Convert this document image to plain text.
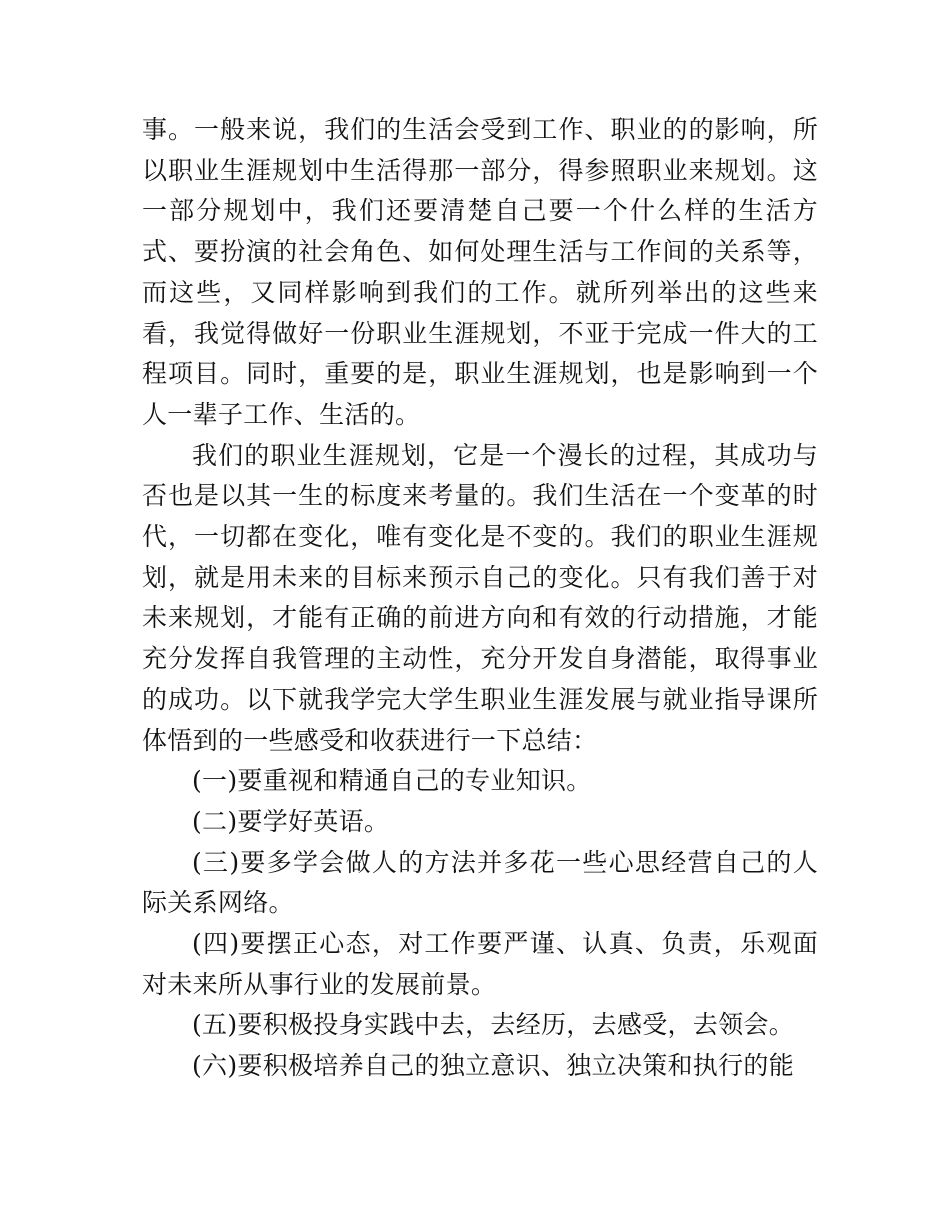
事。一般来说，我们的生活会受到工作、职业的的影响，所以职业生涯规划中生活得那一部分，得参照职业来规划。这一部分规划中，我们还要清楚自己要一个什么样的生活方式、要扮演的社会角色、如何处理生活与工作间的关系等，而这些，又同样影响到我们的工作。就所列举出的这些来看，我觉得做好一份职业生涯规划，不亚于完成一件大的工程项目。同时，重要的是，职业生涯规划，也是影响到一个人一辈子工作、生活的。

我们的职业生涯规划，它是一个漫长的过程，其成功与否也是以其一生的标度来考量的。我们生活在一个变革的时代，一切都在变化，唯有变化是不变的。我们的职业生涯规划，就是用未来的目标来预示自己的变化。只有我们善于对未来规划，才能有正确的前进方向和有效的行动措施，才能充分发挥自我管理的主动性，充分开发自身潜能，取得事业的成功。以下就我学完大学生职业生涯发展与就业指导课所体悟到的一些感受和收获进行一下总结：

(一)要重视和精通自己的专业知识。

(二)要学好英语。

(三)要多学会做人的方法并多花一些心思经营自己的人际关系网络。

(四)要摆正心态，对工作要严谨、认真、负责，乐观面对未来所从事行业的发展前景。

(五)要积极投身实践中去，去经历，去感受，去领会。

(六)要积极培养自己的独立意识、独立决策和执行的能
